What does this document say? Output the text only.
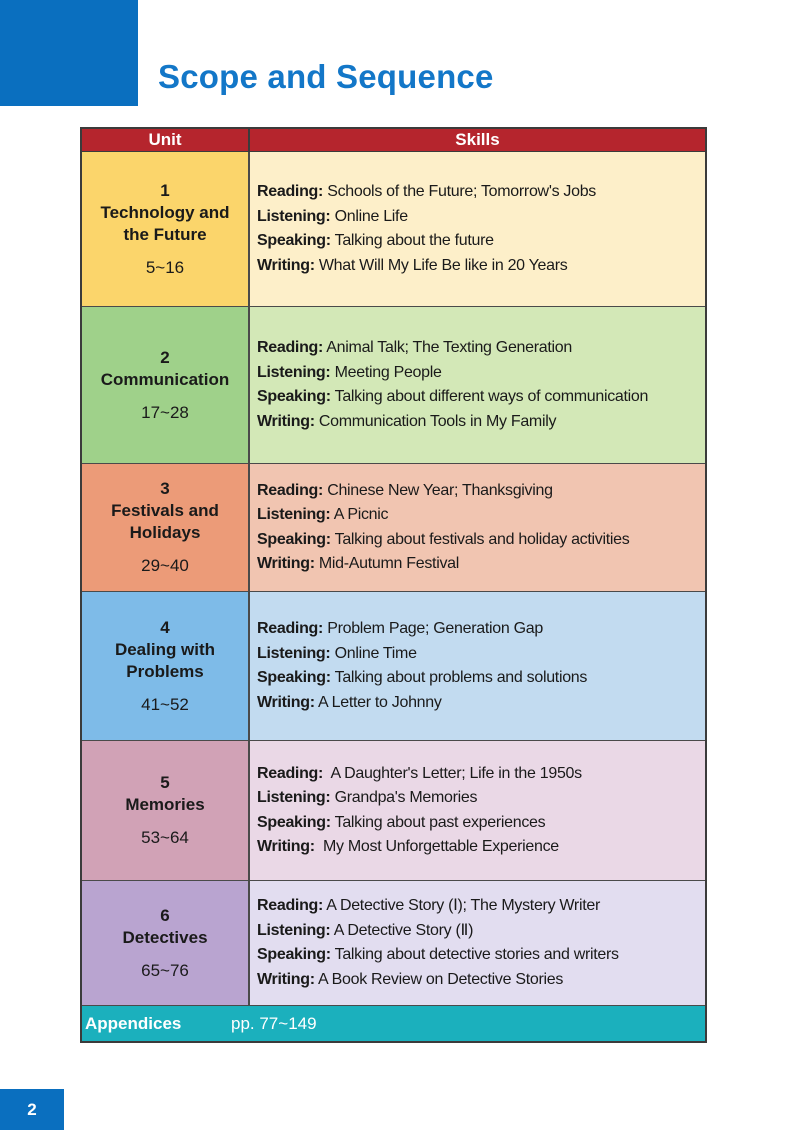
Scope and Sequence
Unit	Skills
1
Technology and
the Future
5~16
Reading: Schools of the Future; Tomorrow's Jobs
Listening: Online Life
Speaking: Talking about the future
Writing: What Will My Life Be like in 20 Years
2
Communication
17~28
Reading: Animal Talk; The Texting Generation
Listening: Meeting People
Speaking: Talking about different ways of communication
Writing: Communication Tools in My Family
3
Festivals and
Holidays
29~40
Reading: Chinese New Year; Thanksgiving
Listening: A Picnic
Speaking: Talking about festivals and holiday activities
Writing: Mid-Autumn Festival
4
Dealing with
Problems
41~52
Reading: Problem Page; Generation Gap
Listening: Online Time
Speaking: Talking about problems and solutions
Writing: A Letter to Johnny
5
Memories
53~64
Reading:  A Daughter's Letter; Life in the 1950s
Listening: Grandpa's Memories
Speaking: Talking about past experiences
Writing:  My Most Unforgettable Experience
6
Detectives
65~76
Reading: A Detective Story (Ⅰ); The Mystery Writer
Listening: A Detective Story (Ⅱ)
Speaking: Talking about detective stories and writers
Writing: A Book Review on Detective Stories
Appendices	pp. 77~149
2
